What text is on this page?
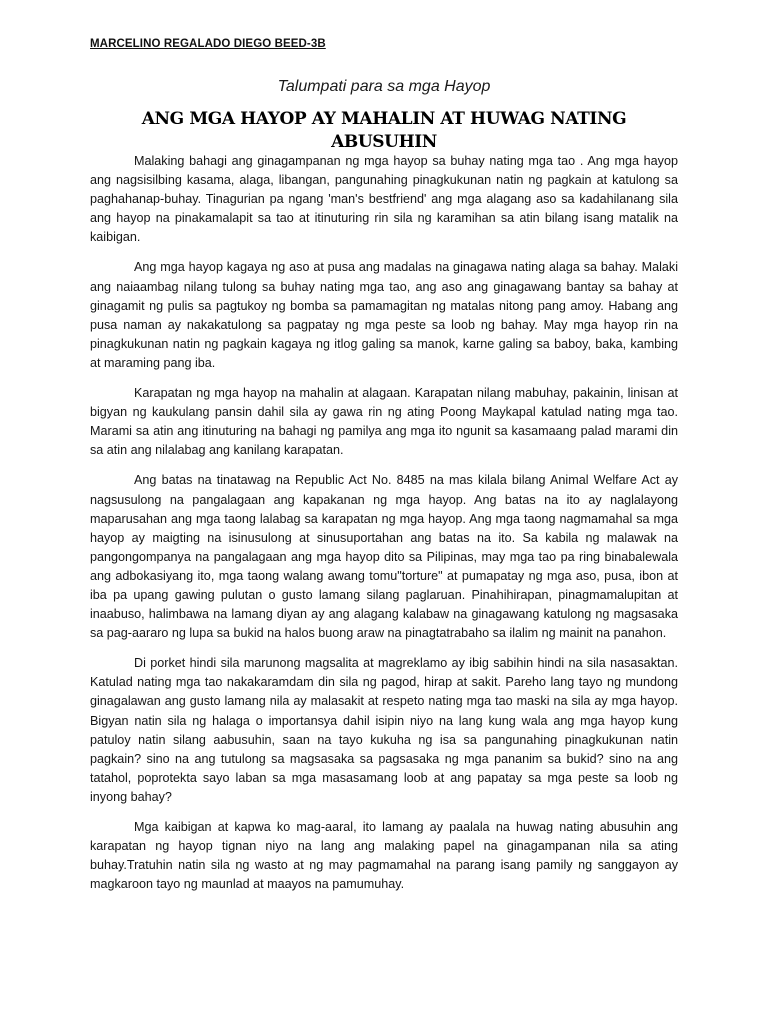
MARCELINO REGALADO DIEGO BEED-3B
Talumpati para sa mga Hayop
ANG MGA HAYOP AY MAHALIN AT HUWAG NATING ABUSUHIN

Malaking bahagi ang ginagampanan ng mga hayop sa buhay nating mga tao . Ang mga hayop ang nagsisilbing kasama, alaga, libangan, pangunahing pinagkukunan natin ng pagkain at katulong sa paghahanap-buhay. Tinagurian pa ngang 'man's bestfriend' ang mga alagang aso sa kadahilanang sila ang hayop na pinakamalapit sa tao at itinuturing rin sila ng karamihan sa atin bilang isang matalik na kaibigan.

Ang mga hayop kagaya ng aso at pusa ang madalas na ginagawa nating alaga sa bahay. Malaki ang naiaambag nilang tulong sa buhay nating mga tao, ang aso ang ginagawang bantay sa bahay at ginagamit ng pulis sa pagtukoy ng bomba sa pamamagitan ng matalas nitong pang amoy. Habang ang pusa naman ay nakakatulong sa pagpatay ng mga peste sa loob ng bahay. May mga hayop rin na pinagkukunan natin ng pagkain kagaya ng itlog galing sa manok, karne galing sa baboy, baka, kambing at maraming pang iba.

Karapatan ng mga hayop na mahalin at alagaan. Karapatan nilang mabuhay, pakainin, linisan at bigyan ng kaukulang pansin dahil sila ay gawa rin ng ating Poong Maykapal katulad nating mga tao. Marami sa atin ang itinuturing na bahagi ng pamilya ang mga ito ngunit sa kasamaang palad marami din sa atin ang nilalabag ang kanilang karapatan.

Ang batas na tinatawag na Republic Act No. 8485 na mas kilala bilang Animal Welfare Act ay nagsusulong na pangalagaan ang kapakanan ng mga hayop. Ang batas na ito ay naglalayong maparusahan ang mga taong lalabag sa karapatan ng mga hayop. Ang mga taong nagmamahal sa mga hayop ay maigting na isinusulong at sinusuportahan ang batas na ito. Sa kabila ng malawak na pangongompanya na pangalagaan ang mga hayop dito sa Pilipinas, may mga tao pa ring binabalewala ang adbokasiyang ito, mga taong walang awang tomu"torture" at pumapatay ng mga aso, pusa, ibon at iba pa upang gawing pulutan o gusto lamang silang paglaruan. Pinahihirapan, pinagmamalupitan at inaabuso, halimbawa na lamang diyan ay ang alagang kalabaw na ginagawang katulong ng magsasaka sa pag-aararo ng lupa sa bukid na halos buong araw na pinagtatrabaho sa ilalim ng mainit na panahon.

Di porket hindi sila marunong magsalita at magreklamo ay ibig sabihin hindi na sila nasasaktan. Katulad nating mga tao nakakaramdam din sila ng pagod, hirap at sakit. Pareho lang tayo ng mundong ginagalawan ang gusto lamang nila ay malasakit at respeto nating mga tao maski na sila ay mga hayop. Bigyan natin sila ng halaga o importansya dahil isipin niyo na lang kung wala ang mga hayop kung patuloy natin silang aabusuhin, saan na tayo kukuha ng isa sa pangunahing pinagkukunan natin pagkain? sino na ang tutulong sa magsasaka sa pagsasaka ng mga pananim sa bukid? sino na ang tatahol, poprotekta sayo laban sa mga masasamang loob at ang papatay sa mga peste sa loob ng inyong bahay?

Mga kaibigan at kapwa ko mag-aaral, ito lamang ay paalala na huwag nating abusuhin ang karapatan ng hayop tignan niyo na lang ang malaking papel na ginagampanan nila sa ating buhay.Tratuhin natin sila ng wasto at ng may pagmamahal na parang isang pamily ng sanggayon ay magkaroon tayo ng maunlad at maayos na pamumuhay.
